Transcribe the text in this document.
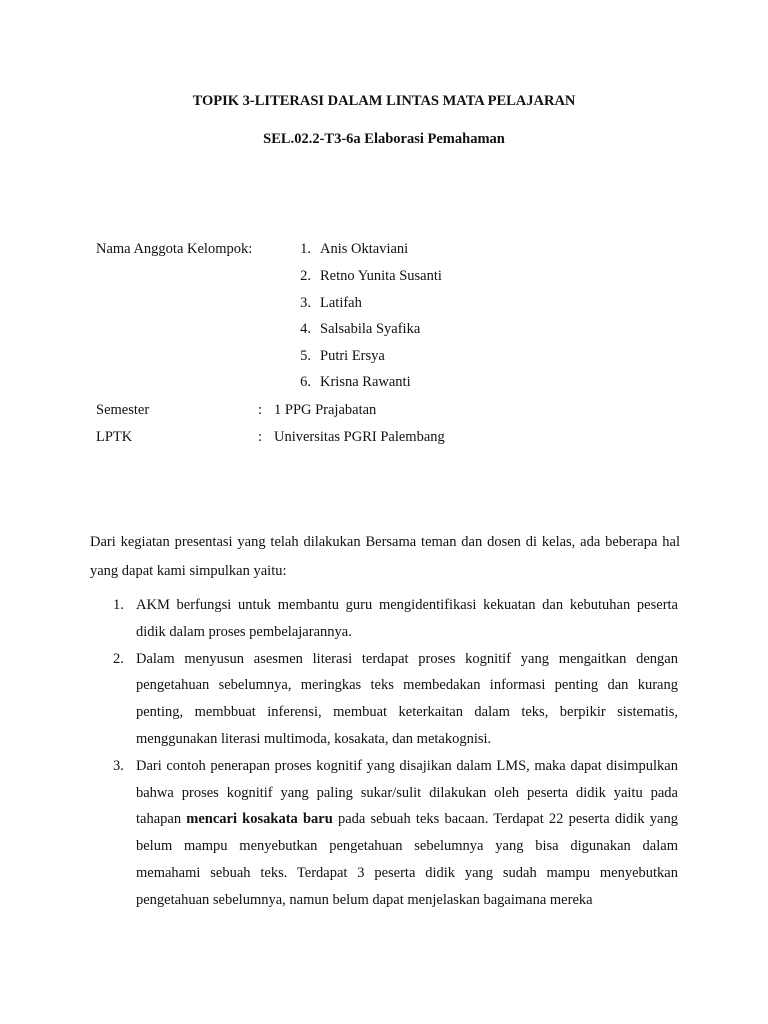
TOPIK 3-LITERASI DALAM LINTAS MATA PELAJARAN
SEL.02.2-T3-6a Elaborasi Pemahaman
Nama Anggota Kelompok:	1. Anis Oktaviani
2. Retno Yunita Susanti
3. Latifah
4. Salsabila Syafika
5. Putri Ersya
6. Krisna Rawanti
Semester	: 1 PPG Prajabatan
LPTK	: Universitas PGRI Palembang
Dari kegiatan presentasi yang telah dilakukan Bersama teman dan dosen di kelas, ada beberapa hal yang dapat kami simpulkan yaitu:
1. AKM berfungsi untuk membantu guru mengidentifikasi kekuatan dan kebutuhan peserta didik dalam proses pembelajarannya.
2. Dalam menyusun asesmen literasi terdapat proses kognitif yang mengaitkan dengan pengetahuan sebelumnya, meringkas teks membedakan informasi penting dan kurang penting, membbuat inferensi, membuat keterkaitan dalam teks, berpikir sistematis, menggunakan literasi multimoda, kosakata, dan metakognisi.
3. Dari contoh penerapan proses kognitif yang disajikan dalam LMS, maka dapat disimpulkan bahwa proses kognitif yang paling sukar/sulit dilakukan oleh peserta didik yaitu pada tahapan mencari kosakata baru pada sebuah teks bacaan. Terdapat 22 peserta didik yang belum mampu menyebutkan pengetahuan sebelumnya yang bisa digunakan dalam memahami sebuah teks. Terdapat 3 peserta didik yang sudah mampu menyebutkan pengetahuan sebelumnya, namun belum dapat menjelaskan bagaimana mereka
